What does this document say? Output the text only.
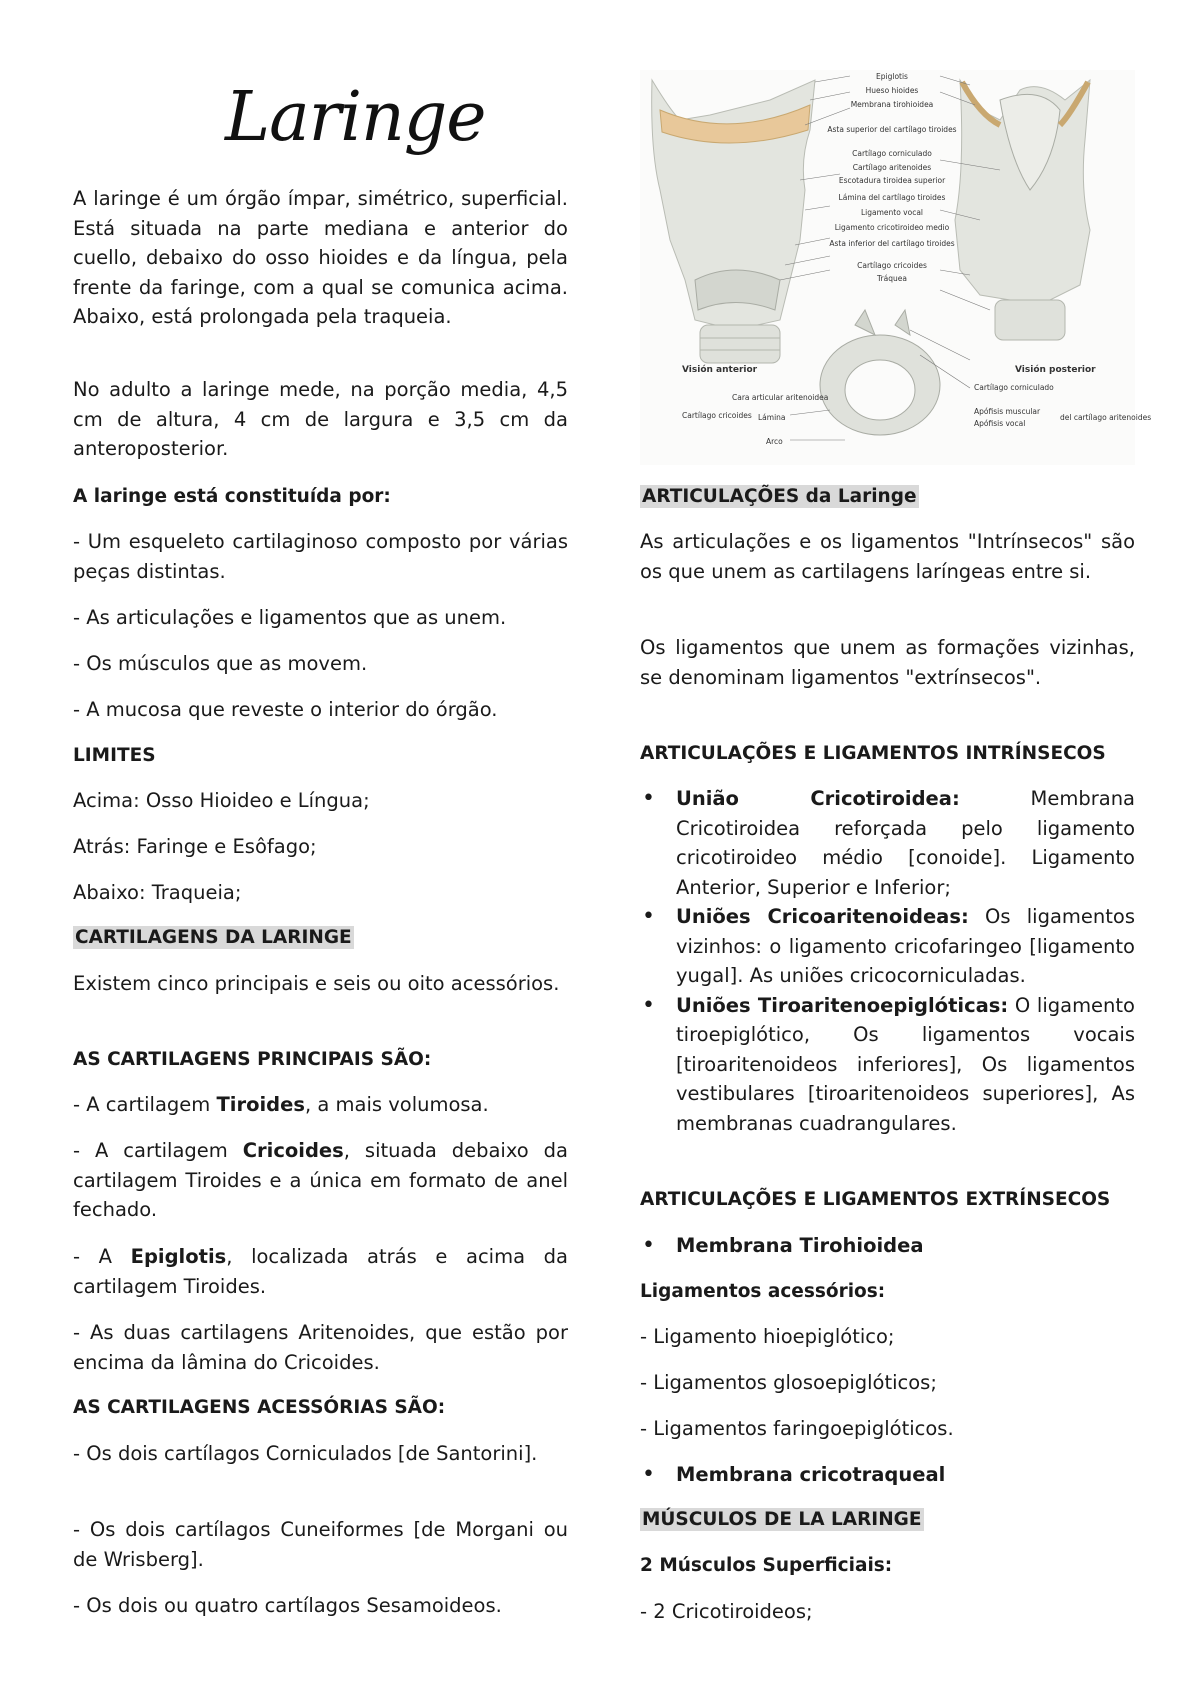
Laringe

A laringe é um órgão ímpar, simétrico, superficial. Está situada na parte mediana e anterior do cuello, debaixo do osso hioides e da língua, pela frente da faringe, com a qual se comunica acima. Abaixo, está prolongada pela traqueia.

No adulto a laringe mede, na porção media, 4,5 cm de altura, 4 cm de largura e 3,5 cm da anteroposterior.

A laringe está constituída por:

- Um esqueleto cartilaginoso composto por várias peças distintas.

- As articulações e ligamentos que as unem.

- Os músculos que as movem.

- A mucosa que reveste o interior do órgão.

LIMITES

Acima: Osso Hioideo e Língua;

Atrás: Faringe e Esôfago;

Abaixo: Traqueia;

CARTILAGENS DA LARINGE

Existem cinco principais e seis ou oito acessórios.

AS CARTILAGENS PRINCIPAIS SÃO:

- A cartilagem Tiroides, a mais volumosa.

- A cartilagem Cricoides, situada debaixo da cartilagem Tiroides e a única em formato de anel fechado.

- A Epiglotis, localizada atrás e acima da cartilagem Tiroides.

- As duas cartilagens Aritenoides, que estão por encima da lâmina do Cricoides.

AS CARTILAGENS ACESSÓRIAS SÃO:

- Os dois cartílagos Corniculados [de Santorini].

- Os dois cartílagos Cuneiformes [de Morgani ou de Wrisberg].

- Os dois ou quatro cartílagos Sesamoideos.

Epiglotis
Hueso hioides
Membrana tirohioidea
Asta superior del cartílago tiroides
Cartílago corniculado
Cartílago aritenoides
Escotadura tiroidea superior
Lámina del cartílago tiroides
Ligamento vocal
Ligamento cricotiroideo medio
Asta inferior del cartílago tiroides
Cartílago cricoides
Tráquea
Visión anterior	Visión posterior
Cartílago cricoides
Cara articular aritenoidea
Lámina
Arco
Cartílago corniculado
Apófisis muscular
Apófisis vocal
del cartílago aritenoides

ARTICULAÇÕES da Laringe

As articulações e os ligamentos "Intrínsecos" são os que unem as cartilagens laríngeas entre si.

Os ligamentos que unem as formações vizinhas, se denominam ligamentos "extrínsecos".

ARTICULAÇÕES E LIGAMENTOS INTRÍNSECOS

• União Cricotiroidea: Membrana Cricotiroidea reforçada pelo ligamento cricotiroideo médio [conoide]. Ligamento Anterior, Superior e Inferior;
• Uniões Cricoaritenoideas: Os ligamentos vizinhos: o ligamento cricofaringeo [ligamento yugal]. As uniões cricocorniculadas.
• Uniões Tiroaritenoepiglóticas: O ligamento tiroepiglótico, Os ligamentos vocais [tiroaritenoideos inferiores], Os ligamentos vestibulares [tiroaritenoideos superiores], As membranas cuadrangulares.

ARTICULAÇÕES E LIGAMENTOS EXTRÍNSECOS

• Membrana Tirohioidea

Ligamentos acessórios:

- Ligamento hioepiglótico;

- Ligamentos glosoepiglóticos;

- Ligamentos faringoepiglóticos.

• Membrana cricotraqueal

MÚSCULOS DE LA LARINGE

2 Músculos Superficiais:

- 2 Cricotiroideos;
